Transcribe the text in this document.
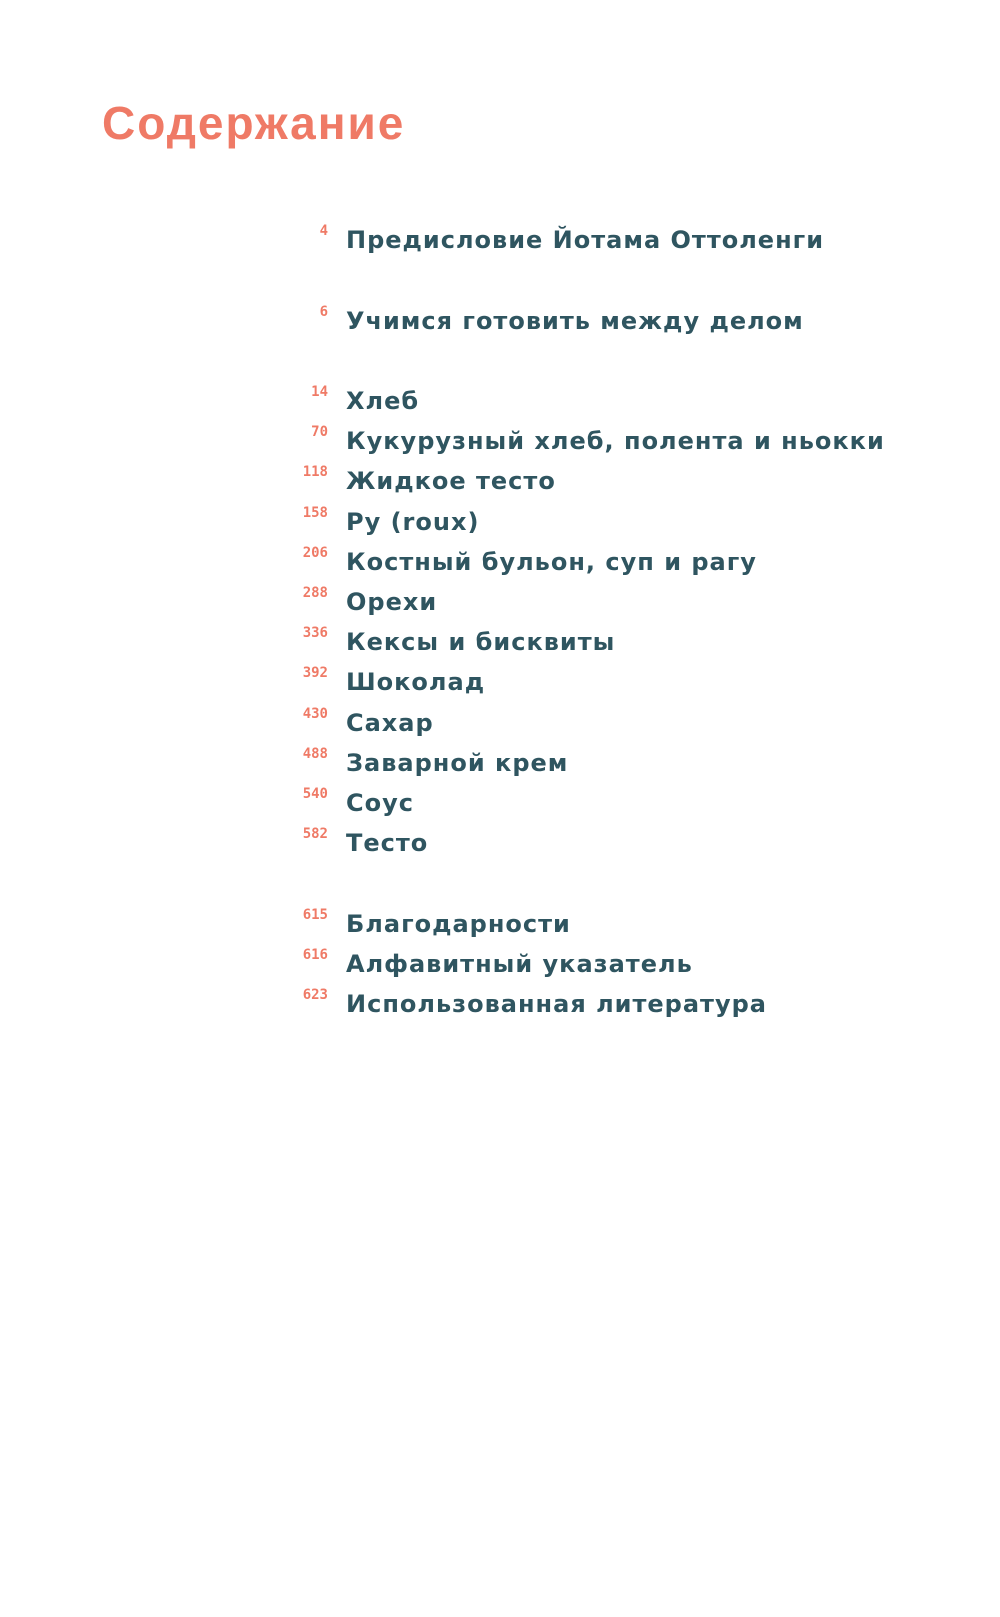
Содержание
4 Предисловие Йотама Оттоленги
6 Учимся готовить между делом
14 Хлеб
70 Кукурузный хлеб, полента и ньокки
118 Жидкое тесто
158 Ру (roux)
206 Костный бульон, суп и рагу
288 Орехи
336 Кексы и бисквиты
392 Шоколад
430 Сахар
488 Заварной крем
540 Соус
582 Тесто
615 Благодарности
616 Алфавитный указатель
623 Использованная литература
